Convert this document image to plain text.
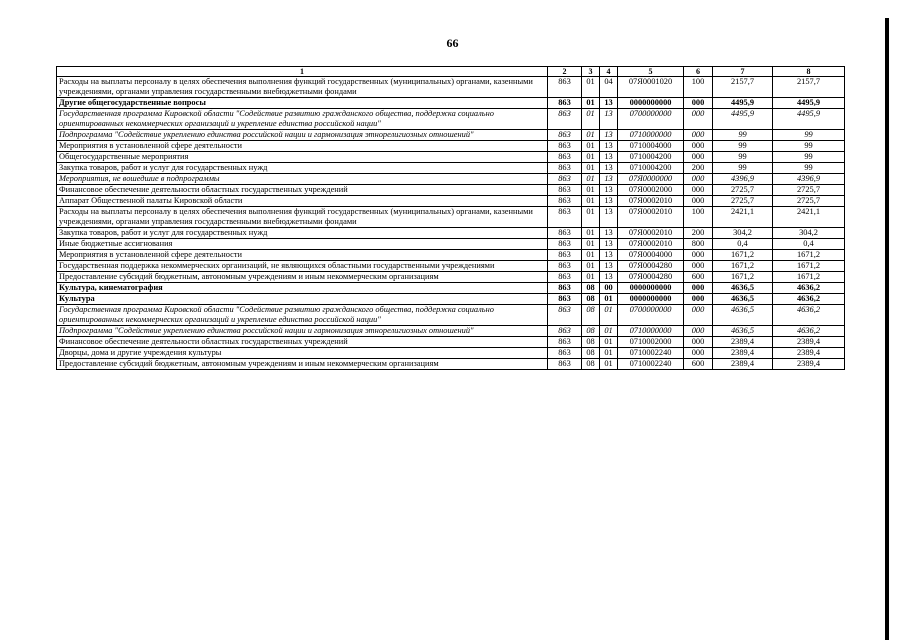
66
1	2	3	4	5	6	7	8
Расходы на выплаты персоналу в целях обеспечения выполнения функций государственных (муниципальных) органами, казенными учреждениями, органами управления государственными внебюджетными фондами	863	01	04	07Я0001020	100	2157,7	2157,7
Другие общегосударственные вопросы	863	01	13	0000000000	000	4495,9	4495,9
Государственная программа Кировской области "Содействие развитию гражданского общества, поддержка социально ориентированных некоммерческих организаций и укрепление единства российской нации"	863	01	13	0700000000	000	4495,9	4495,9
Подпрограмма "Содействие укреплению единства российской нации и гармонизация этнорелигиозных отношений"	863	01	13	0710000000	000	99	99
Мероприятия в установленной сфере деятельности	863	01	13	0710004000	000	99	99
Общегосударственные мероприятия	863	01	13	0710004200	000	99	99
Закупка товаров, работ и услуг для государственных нужд	863	01	13	0710004200	200	99	99
Мероприятия, не вошедшие в подпрограммы	863	01	13	07Я0000000	000	4396,9	4396,9
Финансовое обеспечение деятельности областных государственных учреждений	863	01	13	07Я0002000	000	2725,7	2725,7
Аппарат Общественной палаты Кировской области	863	01	13	07Я0002010	000	2725,7	2725,7
Расходы на выплаты персоналу в целях обеспечения выполнения функций государственных (муниципальных) органами, казенными учреждениями, органами управления государственными внебюджетными фондами	863	01	13	07Я0002010	100	2421,1	2421,1
Закупка товаров, работ и услуг для государственных нужд	863	01	13	07Я0002010	200	304,2	304,2
Иные бюджетные ассигнования	863	01	13	07Я0002010	800	0,4	0,4
Мероприятия в установленной сфере деятельности	863	01	13	07Я0004000	000	1671,2	1671,2
Государственная поддержка некоммерческих организаций, не являющихся областными государственными учреждениями	863	01	13	07Я0004280	000	1671,2	1671,2
Предоставление субсидий бюджетным, автономным учреждениям и иным некоммерческим организациям	863	01	13	07Я0004280	600	1671,2	1671,2
Культура, кинематография	863	08	00	0000000000	000	4636,5	4636,2
Культура	863	08	01	0000000000	000	4636,5	4636,2
Государственная программа Кировской области "Содействие развитию гражданского общества, поддержка социально ориентированных некоммерческих организаций и укрепление единства российской нации"	863	08	01	0700000000	000	4636,5	4636,2
Подпрограмма "Содействие укреплению единства российской нации и гармонизация этнорелигиозных отношений"	863	08	01	0710000000	000	4636,5	4636,2
Финансовое обеспечение деятельности областных государственных учреждений	863	08	01	0710002000	000	2389,4	2389,4
Дворцы, дома и другие учреждения культуры	863	08	01	0710002240	000	2389,4	2389,4
Предоставление субсидий бюджетным, автономным учреждениям и иным некоммерческим организациям	863	08	01	0710002240	600	2389,4	2389,4
